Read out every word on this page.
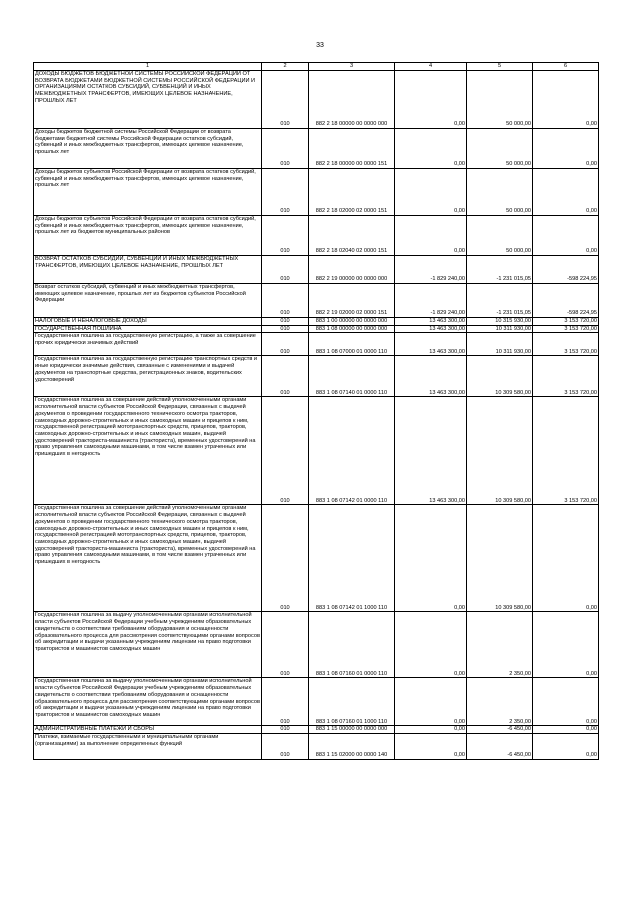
33
1	2	3	4	5	6

ДОХОДЫ БЮДЖЕТОВ БЮДЖЕТНОЙ СИСТЕМЫ РОССИЙСКОЙ ФЕДЕРАЦИИ ОТ ВОЗВРАТА БЮДЖЕТАМИ БЮДЖЕТНОЙ СИСТЕМЫ РОССИЙСКОЙ ФЕДЕРАЦИИ И ОРГАНИЗАЦИЯМИ ОСТАТКОВ СУБСИДИЙ, СУБВЕНЦИЙ И ИНЫХ МЕЖБЮДЖЕТНЫХ ТРАНСФЕРТОВ, ИМЕЮЩИХ ЦЕЛЕВОЕ НАЗНАЧЕНИЕ, ПРОШЛЫХ ЛЕТ	010	882 2 18 00000 00 0000 000	0,00	50 000,00	0,00

Доходы бюджетов бюджетной системы Российской Федерации от возврата бюджетами бюджетной системы Российской Федерации остатков субсидий, субвенций и иных межбюджетных трансфертов, имеющих целевое назначение, прошлых лет	010	882 2 18 00000 00 0000 151	0,00	50 000,00	0,00

Доходы бюджетов субъектов Российской Федерации от возврата остатков субсидий, субвенций и иных межбюджетных трансфертов, имеющих целевое назначение, прошлых лет	010	882 2 18 02000 02 0000 151	0,00	50 000,00	0,00

Доходы бюджетов субъектов Российской Федерации от возврата остатков субсидий, субвенций и иных межбюджетных трансфертов, имеющих целевое назначение, прошлых лет из бюджетов муниципальных районов	010	882 2 18 02040 02 0000 151	0,00	50 000,00	0,00

ВОЗВРАТ ОСТАТКОВ СУБСИДИЙ, СУБВЕНЦИЙ И ИНЫХ МЕЖБЮДЖЕТНЫХ ТРАНСФЕРТОВ, ИМЕЮЩИХ ЦЕЛЕВОЕ НАЗНАЧЕНИЕ, ПРОШЛЫХ ЛЕТ	010	882 2 19 00000 00 0000 000	-1 829 240,00	-1 231 015,05	-598 224,95

Возврат остатков субсидий, субвенций и иных межбюджетных трансфертов, имеющих целевое назначение, прошлых лет из бюджетов субъектов Российской Федерации	010	882 2 19 02000 02 0000 151	-1 829 240,00	-1 231 015,05	-598 224,95

НАЛОГОВЫЕ И НЕНАЛОГОВЫЕ ДОХОДЫ	010	883 1 00 00000 00 0000 000	13 463 300,00	10 315 930,00	3 153 720,00

ГОСУДАРСТВЕННАЯ ПОШЛИНА	010	883 1 08 00000 00 0000 000	13 463 300,00	10 311 930,00	3 153 720,00

Государственная пошлина за государственную регистрацию, а также за совершение прочих юридически значимых действий	010	883 1 08 07000 01 0000 110	13 463 300,00	10 311 930,00	3 153 720,00

Государственная пошлина за государственную регистрацию транспортных средств и иные юридически значимые действия, связанные с изменениями и выдачей документов на транспортные средства, регистрационных знаков, водительских удостоверений	010	883 1 08 07140 01 0000 110	13 463 300,00	10 309 580,00	3 153 720,00

Государственная пошлина за совершение действий уполномоченными органами исполнительной власти субъектов Российской Федерации, связанных с выдачей документов о проведении государственного технического осмотра тракторов, самоходных дорожно-строительных и иных самоходных машин и прицепов к ним, государственной регистрацией мототранспортных средств, прицепов, тракторов, самоходных дорожно-строительных и иных самоходных машин, выдачей удостоверений тракториста-машиниста (тракториста), временных удостоверений на право управления самоходными машинами, в том числе взамен утраченных или пришедших в негодность	010	883 1 08 07142 01 0000 110	13 463 300,00	10 309 580,00	3 153 720,00

Государственная пошлина за совершение действий уполномоченными органами исполнительной власти субъектов Российской Федерации, связанных с выдачей документов о проведении государственного технического осмотра тракторов, самоходных дорожно-строительных и иных самоходных машин и прицепов к ним, государственной регистрацией мототранспортных средств, прицепов, тракторов, самоходных дорожно-строительных и иных самоходных машин, выдачей удостоверений тракториста-машиниста (тракториста), временных удостоверений на право управления самоходными машинами, в том числе взамен утраченных или пришедших в негодность	010	883 1 08 07142 01 1000 110	0,00	10 309 580,00	0,00

Государственная пошлина за выдачу уполномоченными органами исполнительной власти субъектов Российской Федерации учебным учреждениям образовательных свидетельств о соответствии требованиям оборудования и оснащенности образовательного процесса для рассмотрения соответствующими органами вопросов об аккредитации и выдачи указанным учреждениям лицензии на право подготовки трактористов и машинистов самоходных машин	010	883 1 08 07160 01 0000 110	0,00	2 350,00	0,00

Государственная пошлина за выдачу уполномоченными органами исполнительной власти субъектов Российской Федерации учебным учреждениям образовательных свидетельств о соответствии требованиям оборудования и оснащенности образовательного процесса для рассмотрения соответствующими органами вопросов об аккредитации и выдачи указанным учреждениям лицензии на право подготовки трактористов и машинистов самоходных машин	010	883 1 08 07160 01 1000 110	0,00	2 350,00	0,00

АДМИНИСТРАТИВНЫЕ ПЛАТЕЖИ И СБОРЫ	010	883 1 15 00000 00 0000 000	0,00	-6 450,00	0,00

Платежи, взимаемые государственными и муниципальными органами (организациями) за выполнение определенных функций	010	883 1 15 02000 00 0000 140	0,00	-6 450,00	0,00
